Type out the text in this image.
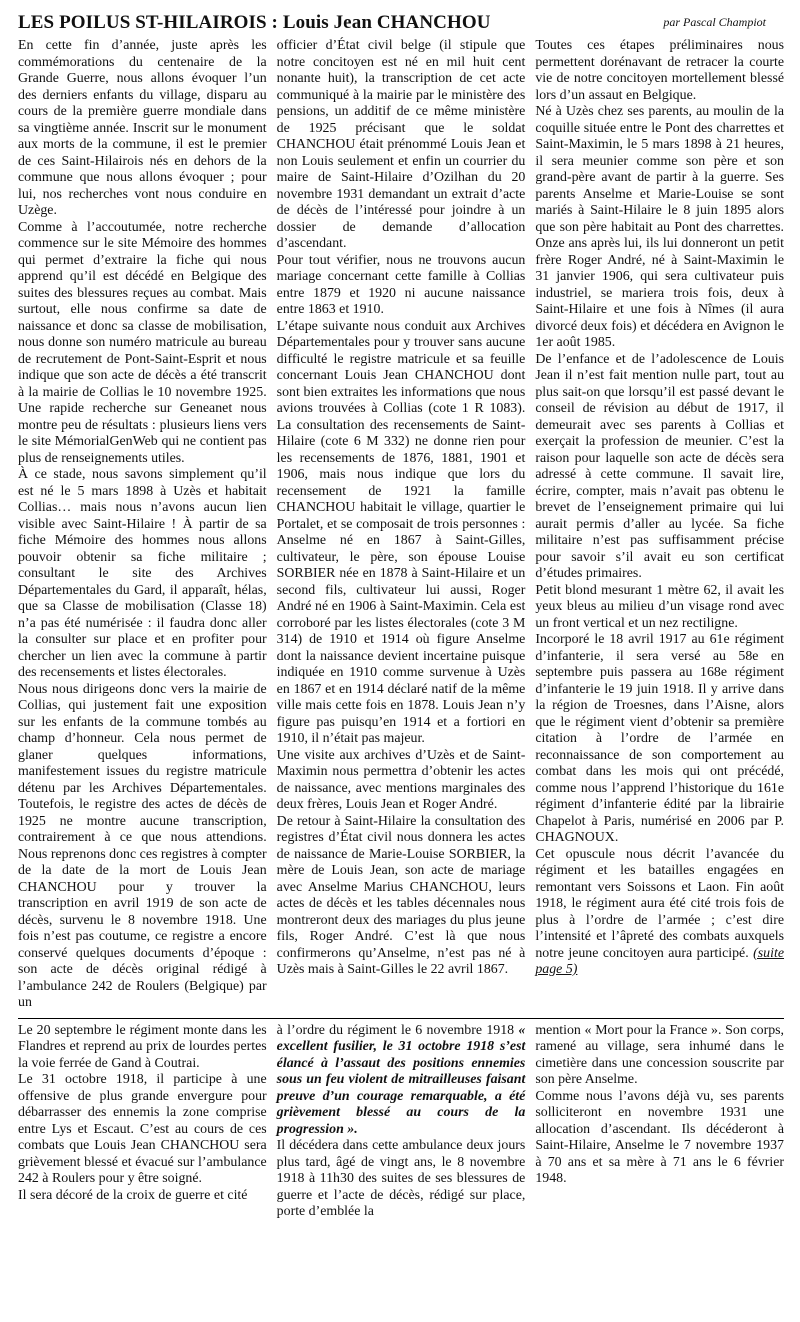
LES POILUS ST-HILAIROIS : Louis Jean CHANCHOU	par Pascal Champiot

En cette fin d’année, juste après les commémorations du centenaire de la Grande Guerre, nous allons évoquer l’un des derniers enfants du village, disparu au cours de la première guerre mondiale dans sa vingtième année. Inscrit sur le monument aux morts de la commune, il est le premier de ces Saint-Hilairois nés en dehors de la commune que nous allons évoquer ; pour lui, nos recherches vont nous conduire en Uzège.

Comme à l’accoutumée, notre recherche commence sur le site Mémoire des hommes qui permet d’extraire la fiche qui nous apprend qu’il est décédé en Belgique des suites des blessures reçues au combat. Mais surtout, elle nous confirme sa date de naissance et donc sa classe de mobilisation, nous donne son numéro matricule au bureau de recrutement de Pont-Saint-Esprit et nous indique que son acte de décès a été transcrit à la mairie de Collias le 10 novembre 1925. Une rapide recherche sur Geneanet nous montre peu de résultats : plusieurs liens vers le site MémorialGenWeb qui ne contient pas plus de renseignements utiles.

À ce stade, nous savons simplement qu’il est né le 5 mars 1898 à Uzès et habitait Collias… mais nous n’avons aucun lien visible avec Saint-Hilaire ! À partir de sa fiche Mémoire des hommes nous allons pouvoir obtenir sa fiche militaire ; consultant le site des Archives Départementales du Gard, il apparaît, hélas, que sa Classe de mobilisation (Classe 18) n’a pas été numérisée : il faudra donc aller la consulter sur place et en profiter pour chercher un lien avec la commune à partir des recensements et listes électorales.

Nous nous dirigeons donc vers la mairie de Collias, qui justement fait une exposition sur les enfants de la commune tombés au champ d’honneur. Cela nous permet de glaner quelques informations, manifestement issues du registre matricule détenu par les Archives Départementales. Toutefois, le registre des actes de décès de 1925 ne montre aucune transcription, contrairement à ce que nous attendions. Nous reprenons donc ces registres à compter de la date de la mort de Louis Jean CHANCHOU pour y trouver la transcription en avril 1919 de son acte de décès, survenu le 8 novembre 1918. Une fois n’est pas coutume, ce registre a encore conservé quelques documents d’époque : son acte de décès original rédigé à l’ambulance 242 de Roulers (Belgique) par un

officier d’État civil belge (il stipule que notre concitoyen est né en mil huit cent nonante huit), la transcription de cet acte communiqué à la mairie par le ministère des pensions, un additif de ce même ministère de 1925 précisant que le soldat CHANCHOU était prénommé Louis Jean et non Louis seulement et enfin un courrier du maire de Saint-Hilaire d’Ozilhan du 20 novembre 1931 demandant un extrait d’acte de décès de l’intéressé pour joindre à un dossier de demande d’allocation d’ascendant.

Pour tout vérifier, nous ne trouvons aucun mariage concernant cette famille à Collias entre 1879 et 1920 ni aucune naissance entre 1863 et 1910.

L’étape suivante nous conduit aux Archives Départementales pour y trouver sans aucune difficulté le registre matricule et sa feuille concernant Louis Jean CHANCHOU dont sont bien extraites les informations que nous avions trouvées à Collias (cote 1 R 1083). La consultation des recensements de Saint-Hilaire (cote 6 M 332) ne donne rien pour les recensements de 1876, 1881, 1901 et 1906, mais nous indique que lors du recensement de 1921 la famille CHANCHOU habitait le village, quartier le Portalet, et se composait de trois personnes : Anselme né en 1867 à Saint-Gilles, cultivateur, le père, son épouse Louise SORBIER née en 1878 à Saint-Hilaire et un second fils, cultivateur lui aussi, Roger André né en 1906 à Saint-Maximin. Cela est corroboré par les listes électorales (cote 3 M 314) de 1910 et 1914 où figure Anselme dont la naissance devient incertaine puisque indiquée en 1910 comme survenue à Uzès en 1867 et en 1914 déclaré natif de la même ville mais cette fois en 1878. Louis Jean n’y figure pas puisqu’en 1914 et a fortiori en 1910, il n’était pas majeur.

Une visite aux archives d’Uzès et de Saint-Maximin nous permettra d’obtenir les actes de naissance, avec mentions marginales des deux frères, Louis Jean et Roger André.

De retour à Saint-Hilaire la consultation des registres d’État civil nous donnera les actes de naissance de Marie-Louise SORBIER, la mère de Louis Jean, son acte de mariage avec Anselme Marius CHANCHOU, leurs actes de décès et les tables décennales nous montreront deux des mariages du plus jeune fils, Roger André. C’est là que nous confirmerons qu’Anselme, n’est pas né à Uzès mais à Saint-Gilles le 22 avril 1867.

Toutes ces étapes préliminaires nous permettent dorénavant de retracer la courte vie de notre concitoyen mortellement blessé lors d’un assaut en Belgique.

Né à Uzès chez ses parents, au moulin de la coquille située entre le Pont des charrettes et Saint-Maximin, le 5 mars 1898 à 21 heures, il sera meunier comme son père et son grand-père avant de partir à la guerre. Ses parents Anselme et Marie-Louise se sont mariés à Saint-Hilaire le 8 juin 1895 alors que son père habitait au Pont des charrettes. Onze ans après lui, ils lui donneront un petit frère Roger André, né à Saint-Maximin le 31 janvier 1906, qui sera cultivateur puis industriel, se mariera trois fois, deux à Saint-Hilaire et une fois à Nîmes (il aura divorcé deux fois) et décédera en Avignon le 1er août 1985.

De l’enfance et de l’adolescence de Louis Jean il n’est fait mention nulle part, tout au plus sait-on que lorsqu’il est passé devant le conseil de révision au début de 1917, il demeurait avec ses parents à Collias et exerçait la profession de meunier. C’est la raison pour laquelle son acte de décès sera adressé à cette commune. Il savait lire, écrire, compter, mais n’avait pas obtenu le brevet de l’enseignement primaire qui lui aurait permis d’aller au lycée. Sa fiche militaire n’est pas suffisamment précise pour savoir s’il avait eu son certificat d’études primaires.

Petit blond mesurant 1 mètre 62, il avait les yeux bleus au milieu d’un visage rond avec un front vertical et un nez rectiligne.

Incorporé le 18 avril 1917 au 61e régiment d’infanterie, il sera versé au 58e en septembre puis passera au 168e régiment d’infanterie le 19 juin 1918. Il y arrive dans la région de Troesnes, dans l’Aisne, alors que le régiment vient d’obtenir sa première citation à l’ordre de l’armée en reconnaissance de son comportement au combat dans les mois qui ont précédé, comme nous l’apprend l’historique du 161e régiment d’infanterie édité par la librairie Chapelot à Paris, numérisé en 2006 par P. CHAGNOUX.

Cet opuscule nous décrit l’avancée du régiment et les batailles engagées en remontant vers Soissons et Laon. Fin août 1918, le régiment aura été cité trois fois de plus à l’ordre de l’armée ; c’est dire l’intensité et l’âpreté des combats auxquels notre jeune concitoyen aura participé. (suite page 5)

Le 20 septembre le régiment monte dans les Flandres et reprend au prix de lourdes pertes la voie ferrée de Gand à Coutrai.

Le 31 octobre 1918, il participe à une offensive de plus grande envergure pour débarrasser des ennemis la zone comprise entre Lys et Escaut. C’est au cours de ces combats que Louis Jean CHANCHOU sera grièvement blessé et évacué sur l’ambulance 242 à Roulers pour y être soigné.

Il sera décoré de la croix de guerre et cité

à l’ordre du régiment le 6 novembre 1918 « excellent fusilier, le 31 octobre 1918 s’est élancé à l’assaut des positions ennemies sous un feu violent de mitrailleuses faisant preuve d’un courage remarquable, a été grièvement blessé au cours de la progression ».

Il décédera dans cette ambulance deux jours plus tard, âgé de vingt ans, le 8 novembre 1918 à 11h30 des suites de ses blessures de guerre et l’acte de décès, rédigé sur place, porte d’emblée la

mention « Mort pour la France ». Son corps, ramené au village, sera inhumé dans le cimetière dans une concession souscrite par son père Anselme.

Comme nous l’avons déjà vu, ses parents solliciteront en novembre 1931 une allocation d’ascendant. Ils décéderont à Saint-Hilaire, Anselme le 7 novembre 1937 à 70 ans et sa mère à 71 ans le 6 février 1948.
